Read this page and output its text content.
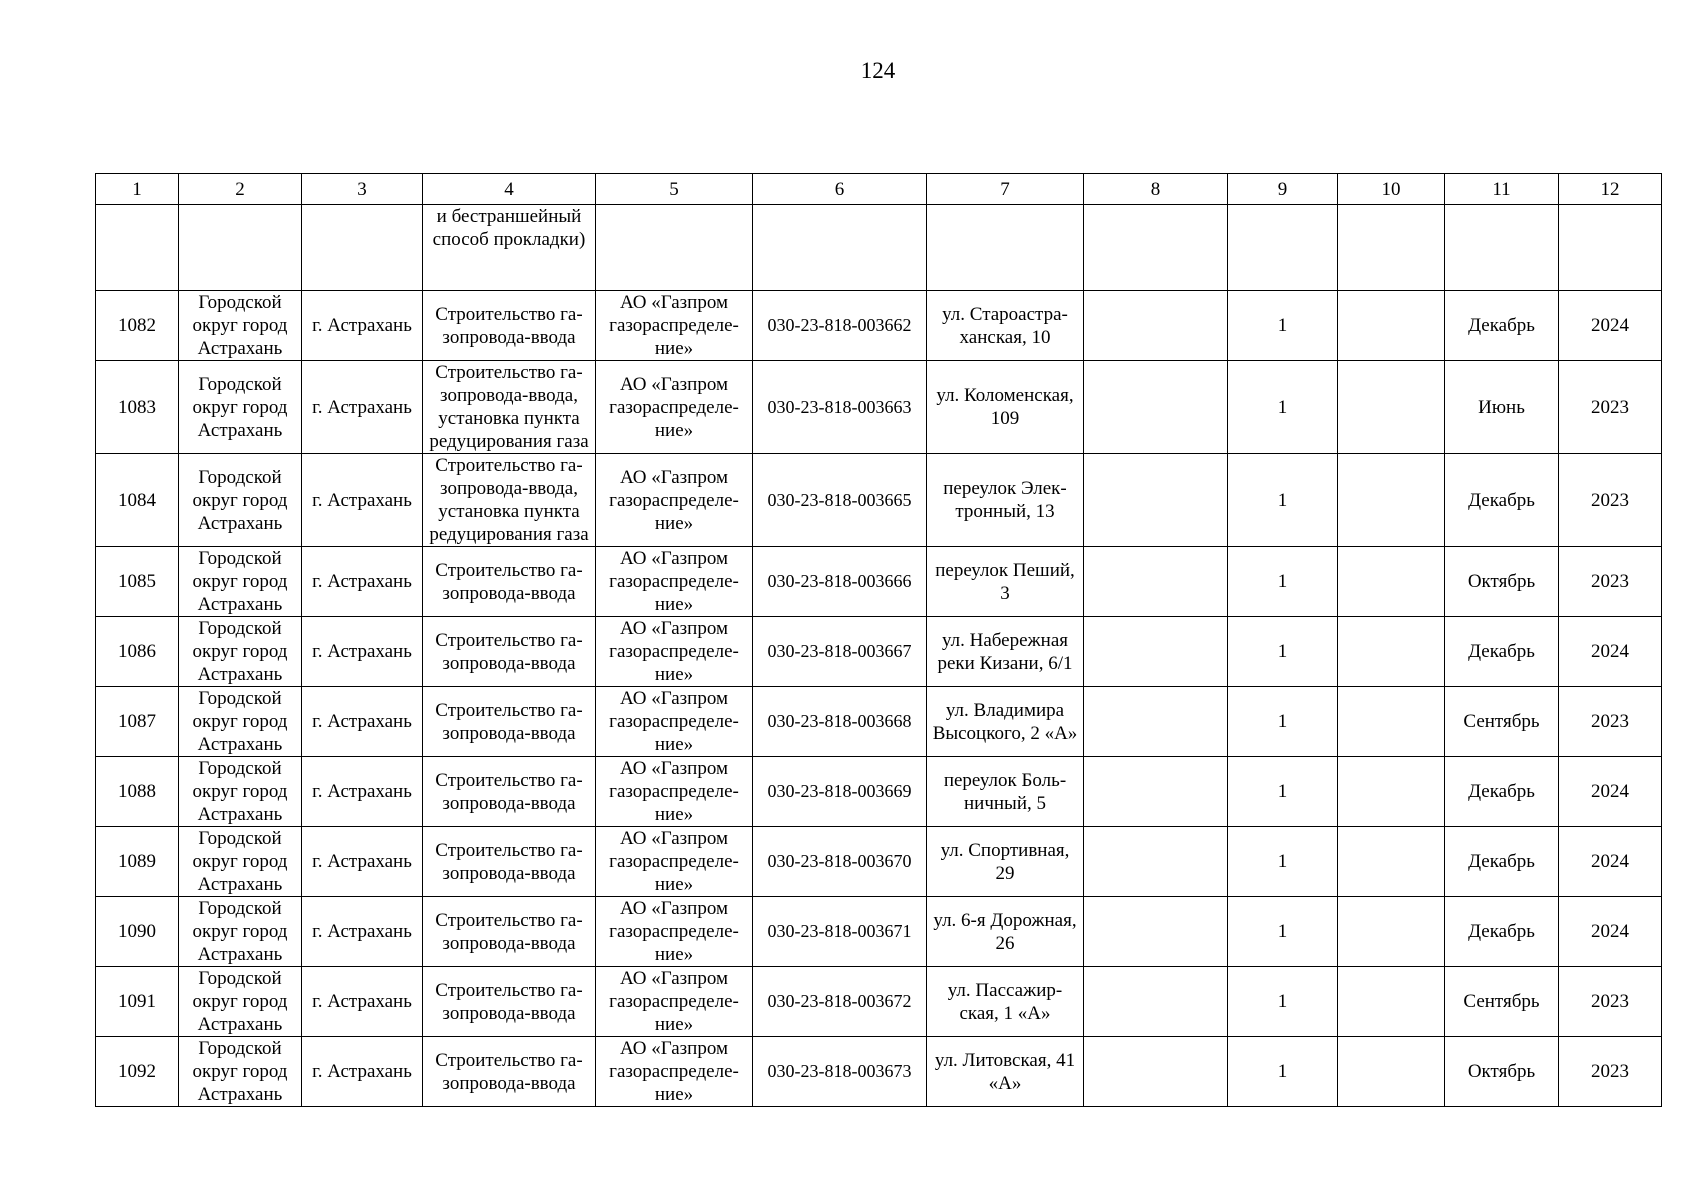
124
1	2	3	4	5	6	7	8	9	10	11	12
			и бестраншейный способ прокладки)								
1082	Городской округ город Астрахань	г. Астрахань	Строительство га-зопровода-ввода	АО «Газпром газораспределе-ние»	030-23-818-003662	ул. Староастра-ханская, 10		1		Декабрь	2024
1083	Городской округ город Астрахань	г. Астрахань	Строительство га-зопровода-ввода, установка пункта редуцирования газа	АО «Газпром газораспределе-ние»	030-23-818-003663	ул. Коломенская, 109		1		Июнь	2023
1084	Городской округ город Астрахань	г. Астрахань	Строительство га-зопровода-ввода, установка пункта редуцирования газа	АО «Газпром газораспределе-ние»	030-23-818-003665	переулок Элек-тронный, 13		1		Декабрь	2023
1085	Городской округ город Астрахань	г. Астрахань	Строительство га-зопровода-ввода	АО «Газпром газораспределе-ние»	030-23-818-003666	переулок Пеший, 3		1		Октябрь	2023
1086	Городской округ город Астрахань	г. Астрахань	Строительство га-зопровода-ввода	АО «Газпром газораспределе-ние»	030-23-818-003667	ул. Набережная реки Кизани, 6/1		1		Декабрь	2024
1087	Городской округ город Астрахань	г. Астрахань	Строительство га-зопровода-ввода	АО «Газпром газораспределе-ние»	030-23-818-003668	ул. Владимира Высоцкого, 2 «А»		1		Сентябрь	2023
1088	Городской округ город Астрахань	г. Астрахань	Строительство га-зопровода-ввода	АО «Газпром газораспределе-ние»	030-23-818-003669	переулок Боль-ничный, 5		1		Декабрь	2024
1089	Городской округ город Астрахань	г. Астрахань	Строительство га-зопровода-ввода	АО «Газпром газораспределе-ние»	030-23-818-003670	ул. Спортивная, 29		1		Декабрь	2024
1090	Городской округ город Астрахань	г. Астрахань	Строительство га-зопровода-ввода	АО «Газпром газораспределе-ние»	030-23-818-003671	ул. 6-я Дорожная, 26		1		Декабрь	2024
1091	Городской округ город Астрахань	г. Астрахань	Строительство га-зопровода-ввода	АО «Газпром газораспределе-ние»	030-23-818-003672	ул. Пассажир-ская, 1 «А»		1		Сентябрь	2023
1092	Городской округ город Астрахань	г. Астрахань	Строительство га-зопровода-ввода	АО «Газпром газораспределе-ние»	030-23-818-003673	ул. Литовская, 41 «А»		1		Октябрь	2023
